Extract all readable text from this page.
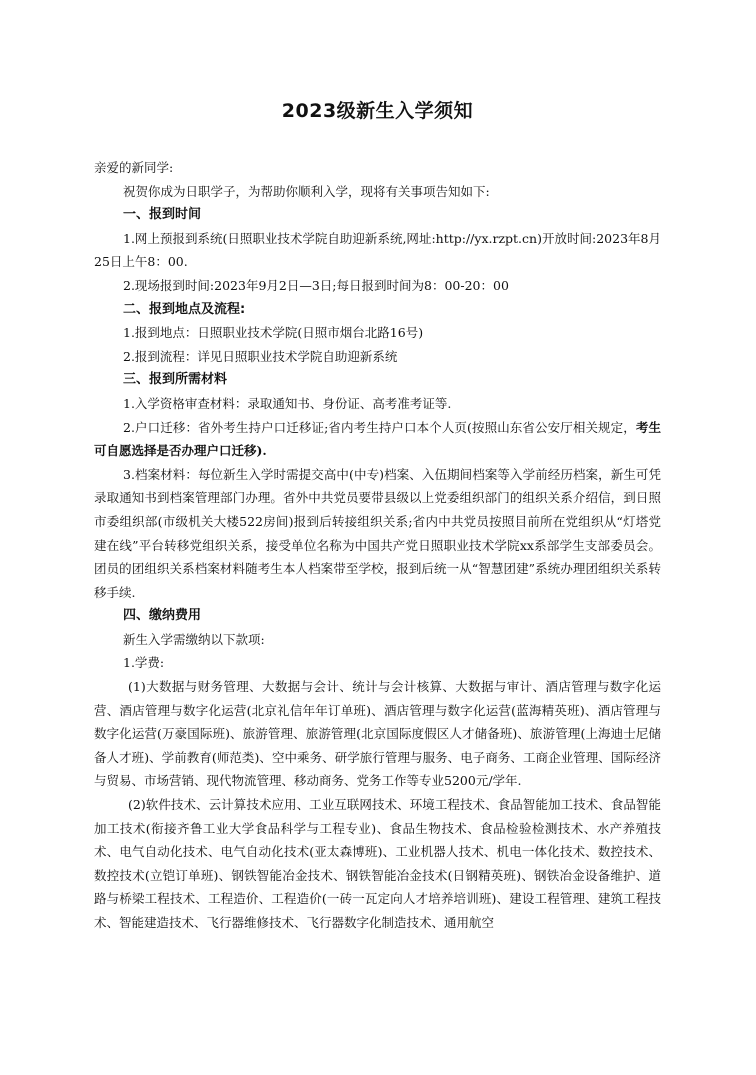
2023级新生入学须知

亲爱的新同学:

祝贺你成为日职学子，为帮助你顺利入学，现将有关事项告知如下:

一、报到时间

1.网上预报到系统(日照职业技术学院自助迎新系统,网址:http://yx.rzpt.cn)开放时间:2023年8月25日上午8：00.

2.现场报到时间:2023年9月2日—3日;每日报到时间为8：00-20：00

二、报到地点及流程:

1.报到地点：日照职业技术学院(日照市烟台北路16号)

2.报到流程：详见日照职业技术学院自助迎新系统

三、报到所需材料

1.入学资格审查材料：录取通知书、身份证、高考准考证等.

2.户口迁移：省外考生持户口迁移证;省内考生持户口本个人页(按照山东省公安厅相关规定，考生可自愿选择是否办理户口迁移).

3.档案材料：每位新生入学时需提交高中(中专)档案、入伍期间档案等入学前经历档案，新生可凭录取通知书到档案管理部门办理。省外中共党员要带县级以上党委组织部门的组织关系介绍信，到日照市委组织部(市级机关大楼522房间)报到后转接组织关系;省内中共党员按照目前所在党组织从“灯塔党建在线”平台转移党组织关系，接受单位名称为中国共产党日照职业技术学院xx系部学生支部委员会。团员的团组织关系档案材料随考生本人档案带至学校，报到后统一从“智慧团建”系统办理团组织关系转移手续.

四、缴纳费用

新生入学需缴纳以下款项:

1.学费:

(1)大数据与财务管理、大数据与会计、统计与会计核算、大数据与审计、酒店管理与数字化运营、酒店管理与数字化运营(北京礼信年年订单班)、酒店管理与数字化运营(蓝海精英班)、酒店管理与数字化运营(万豪国际班)、旅游管理、旅游管理(北京国际度假区人才储备班)、旅游管理(上海迪士尼储备人才班)、学前教育(师范类)、空中乘务、研学旅行管理与服务、电子商务、工商企业管理、国际经济与贸易、市场营销、现代物流管理、移动商务、党务工作等专业5200元/学年.

(2)软件技术、云计算技术应用、工业互联网技术、环境工程技术、食品智能加工技术、食品智能加工技术(衔接齐鲁工业大学食品科学与工程专业)、食品生物技术、食品检验检测技术、水产养殖技术、电气自动化技术、电气自动化技术(亚太森博班)、工业机器人技术、机电一体化技术、数控技术、数控技术(立铠订单班)、钢铁智能冶金技术、钢铁智能冶金技术(日钢精英班)、钢铁冶金设备维护、道路与桥梁工程技术、工程造价、工程造价(一砖一瓦定向人才培养培训班)、建设工程管理、建筑工程技术、智能建造技术、飞行器维修技术、飞行器数字化制造技术、通用航空
